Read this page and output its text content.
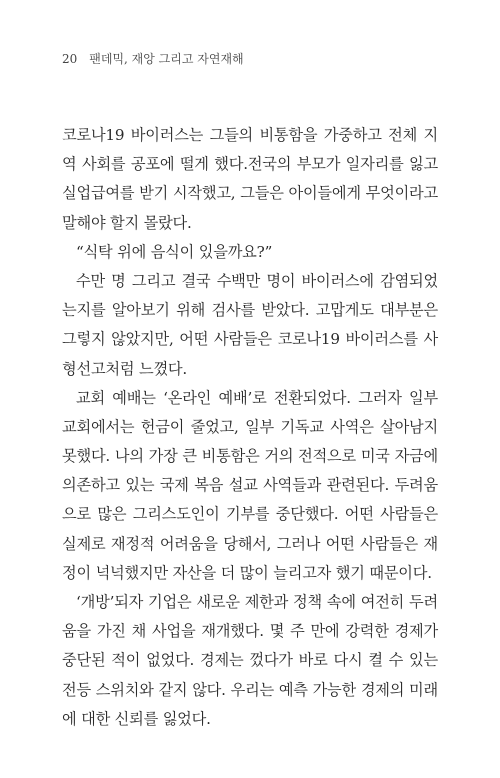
20 팬데믹, 재앙 그리고 자연재해
코로나19 바이러스는 그들의 비통함을 가중하고 전체 지
역 사회를 공포에 떨게 했다.전국의 부모가 일자리를 잃고
실업급여를 받기 시작했고, 그들은 아이들에게 무엇이라고
말해야 할지 몰랐다.
“식탁 위에 음식이 있을까요?”
수만 명 그리고 결국 수백만 명이 바이러스에 감염되었
는지를 알아보기 위해 검사를 받았다. 고맙게도 대부분은
그렇지 않았지만, 어떤 사람들은 코로나19 바이러스를 사
형선고처럼 느꼈다.
교회 예배는 ‘온라인 예배’로 전환되었다. 그러자 일부
교회에서는 헌금이 줄었고, 일부 기독교 사역은 살아남지
못했다. 나의 가장 큰 비통함은 거의 전적으로 미국 자금에
의존하고 있는 국제 복음 설교 사역들과 관련된다. 두려움
으로 많은 그리스도인이 기부를 중단했다. 어떤 사람들은
실제로 재정적 어려움을 당해서, 그러나 어떤 사람들은 재
정이 넉넉했지만 자산을 더 많이 늘리고자 했기 때문이다.
‘개방’되자 기업은 새로운 제한과 정책 속에 여전히 두려
움을 가진 채 사업을 재개했다. 몇 주 만에 강력한 경제가
중단된 적이 없었다. 경제는 껐다가 바로 다시 켤 수 있는
전등 스위치와 같지 않다. 우리는 예측 가능한 경제의 미래
에 대한 신뢰를 잃었다.
